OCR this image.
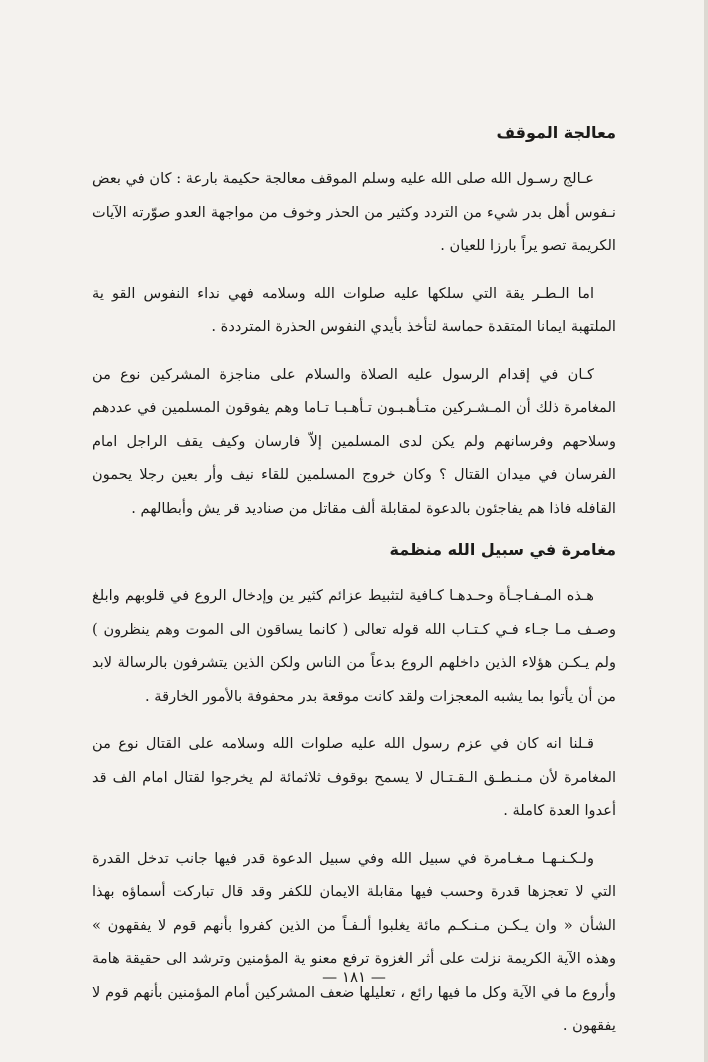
معالجة الموقف

عـالج رسـول الله صلى الله عليه وسلم الموقف معالجة حكيمة بارعة : كان في بعض نـفوس أهل بدر شيء من التردد وكثير من الحذر وخوف من مواجهة العدو صوّرته الآيات الكريمة تصو يراً بارزا للعيان .

اما الـطـر يقة التي سلكها عليه صلوات الله وسلامه فهي نداء النفوس القو ية الملتهبة ايمانا المتقدة حماسة لتأخذ بأيدي النفوس الحذرة المترددة .

كـان في إقدام الرسول عليه الصلاة والسلام على مناجزة المشركين نوع من المغامرة ذلك أن المـشـركين متـأهـبـون تـأهـبـا تـاما وهم يفوقون المسلمين في عددهم وسلاحهم وفرسانهم ولم يكن لدى المسلمين إلاّ فارسان وكيف يقف الراجل امام الفرسان في ميدان القتال ؟ وكان خروج المسلمين للقاء نيف وأر بعين رجلا يحمون القافله فاذا هم يفاجئون بالدعوة لمقابلة ألف مقاتل من صناديد قر يش وأبطالهم .

مغامرة في سبيل الله منظمة

هـذه المـفـاجـأة وحـدهـا كـافية لتثبيط عزائم كثير ين وإدخال الروع في قلوبهم وابلغ وصـف مـا جـاء فـي كـتـاب الله قوله تعالى ( كانما يساقون الى الموت وهم ينظرون ) ولم يـكـن هؤلاء الذين داخلهم الروع بدعاً من الناس ولكن الذين يتشرفون بالرسالة لابد من أن يأتوا بما يشبه المعجزات ولقد كانت موقعة بدر محفوفة بالأمور الخارقة .

قـلنا انه كان في عزم رسول الله عليه صلوات الله وسلامه على القتال نوع من المغامرة لأن مـنـطـق الـقـتـال لا يسمح بوقوف ثلاثمائة لم يخرجوا لقتال امام الف قد أعدوا العدة كاملة .

ولـكـنـهـا مـغـامرة في سبيل الله وفي سبيل الدعوة قدر فيها جانب تدخل القدرة التي لا تعجزها قدرة وحسب فيها مقابلة الايمان للكفر وقد قال تباركت أسماؤه بهذا الشأن « وان يـكـن مـنـكـم مائة يغلبوا ألـفـاً من الذين كفروا بأنهم قوم لا يفقهون » وهذه الآية الكريمة نزلت على أثر الغزوة ترفع معنو ية المؤمنين وترشد الى حقيقة هامة وأروع ما في الآية وكل ما فيها رائع ، تعليلها ضعف المشركين أمام المؤمنين بأنهم قوم لا يفقهون .

— ١٨١ —
